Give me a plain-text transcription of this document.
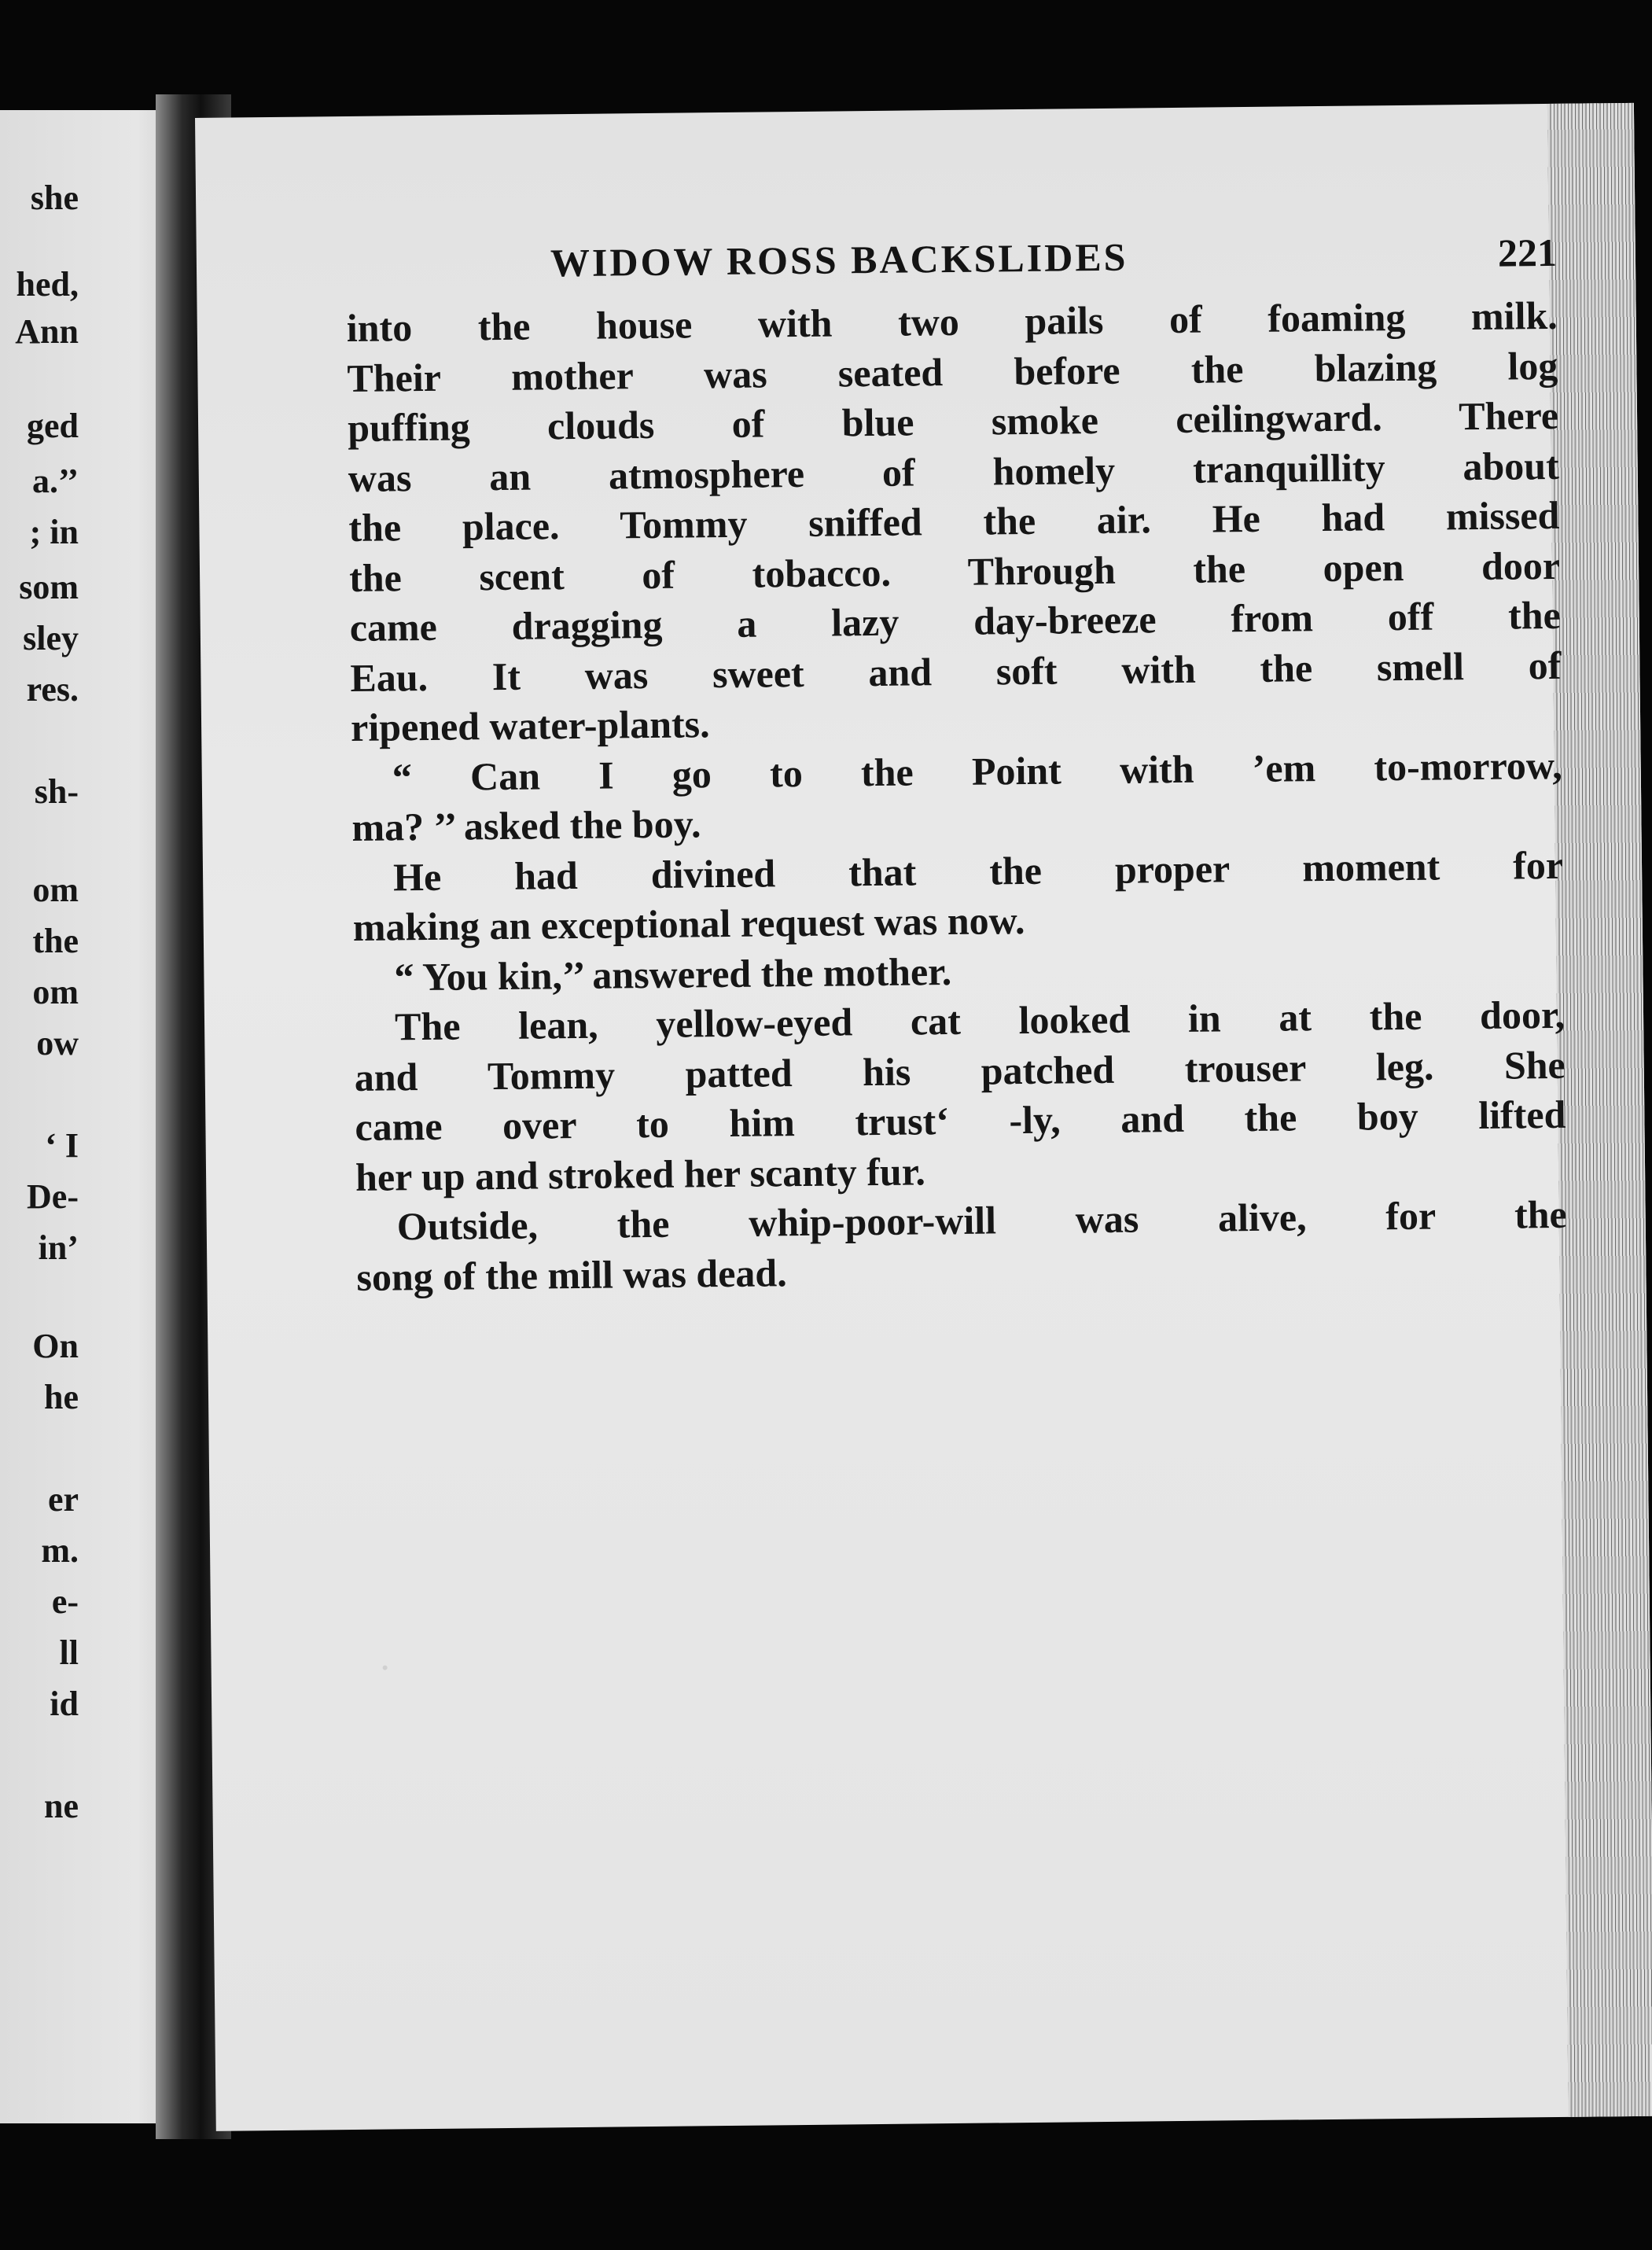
she
hed,
Ann
ged
a.’’
; in
som
sley
res.
sh-
om
the
om
ow
‘ I
De-
in’
On
he
er
m.
e-
ll
id
ne
WIDOW ROSS BACKSLIDES	221
into the house with two pails of foaming milk.
Their mother was seated before the blazing log
puffing clouds of blue smoke ceilingward. There
was an atmosphere of homely tranquillity about
the place. Tommy sniffed the air. He had missed
the scent of tobacco. Through the open door
came dragging a lazy day-breeze from off the
Eau. It was sweet and soft with the smell of
ripened water-plants.
“ Can I go to the Point with ’em to-morrow,
ma? ’’ asked the boy.
He had divined that the proper moment for
making an exceptional request was now.
“ You kin,’’ answered the mother.
The lean, yellow-eyed cat looked in at the door,
and Tommy patted his patched trouser leg. She
came over to him trust‘ -ly, and the boy lifted
her up and stroked her scanty fur.
Outside, the whip-poor-will was alive, for the
song of the mill was dead.
